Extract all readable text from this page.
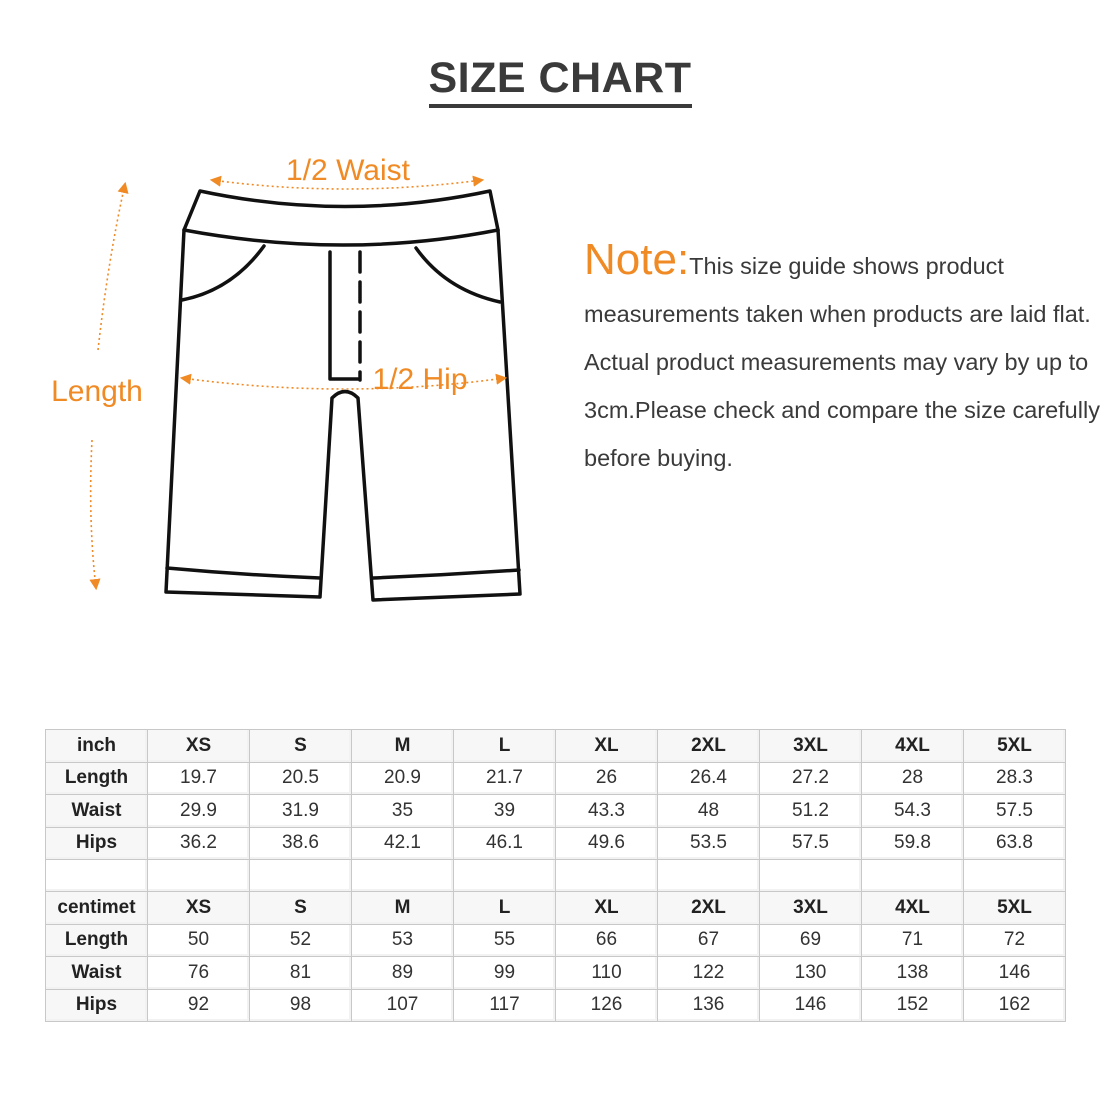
SIZE CHART
1/2 Waist
1/2 Hip
Length
Note:This size guide shows product measurements taken when products are laid flat. Actual product measurements may vary by up to 3cm.Please check and compare the size carefully before buying.
inch	XS	S	M	L	XL	2XL	3XL	4XL	5XL
Length	19.7	20.5	20.9	21.7	26	26.4	27.2	28	28.3
Waist	29.9	31.9	35	39	43.3	48	51.2	54.3	57.5
Hips	36.2	38.6	42.1	46.1	49.6	53.5	57.5	59.8	63.8

centimet	XS	S	M	L	XL	2XL	3XL	4XL	5XL
Length	50	52	53	55	66	67	69	71	72
Waist	76	81	89	99	110	122	130	138	146
Hips	92	98	107	117	126	136	146	152	162
